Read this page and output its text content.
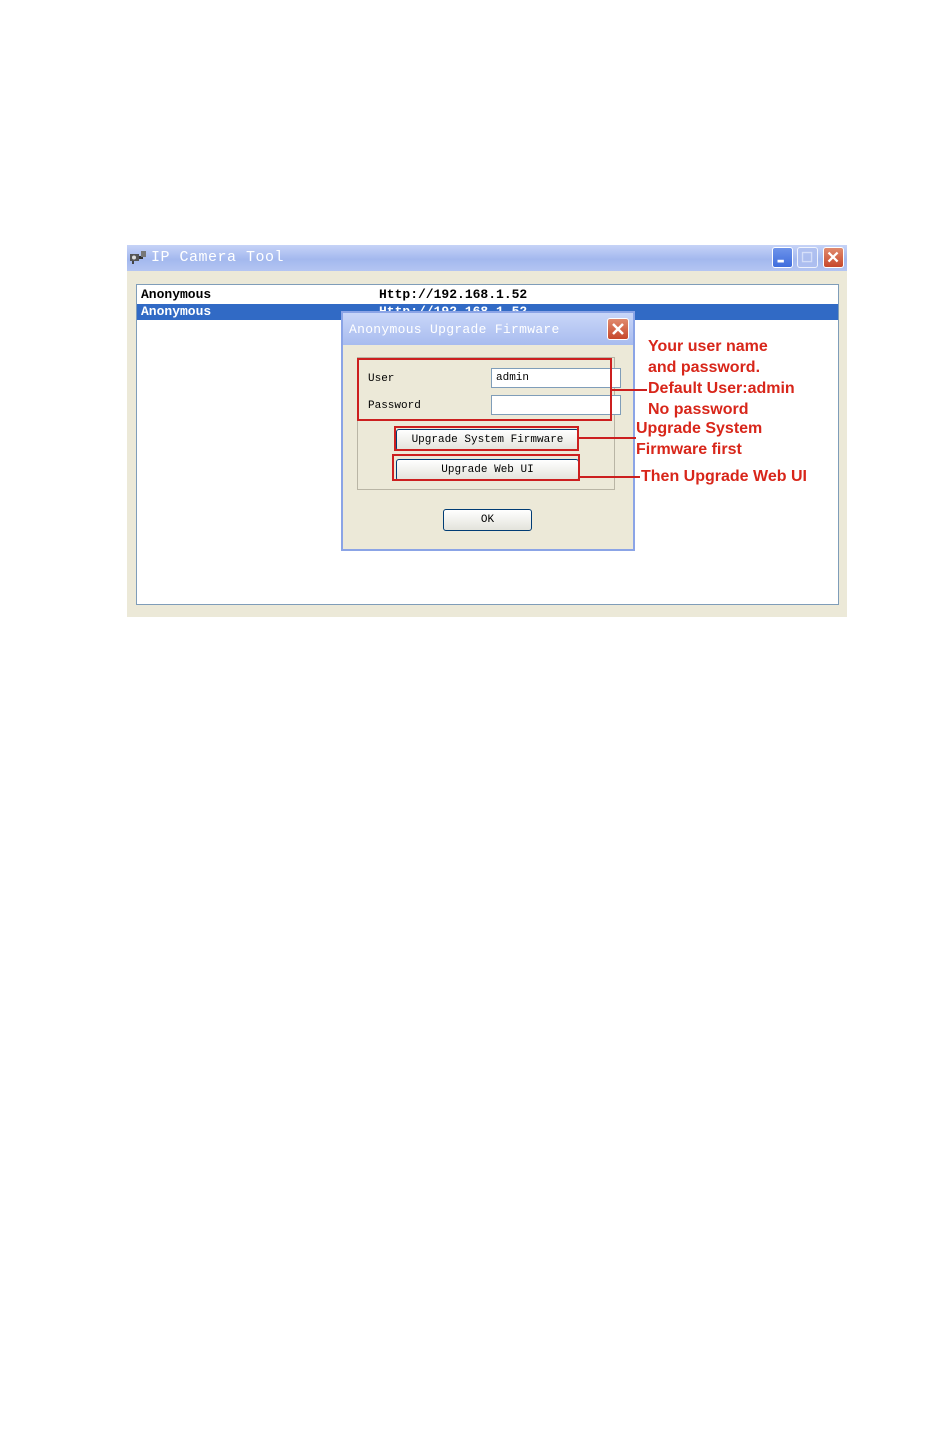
IP Camera Tool
Anonymous	Http://192.168.1.52
Anonymous
Anonymous Upgrade Firmware
User	admin
Password
Upgrade System Firmware
Upgrade Web UI
OK
Your user name
and password.
Default User:admin
No password
Upgrade System
Firmware first
Then Upgrade Web UI
